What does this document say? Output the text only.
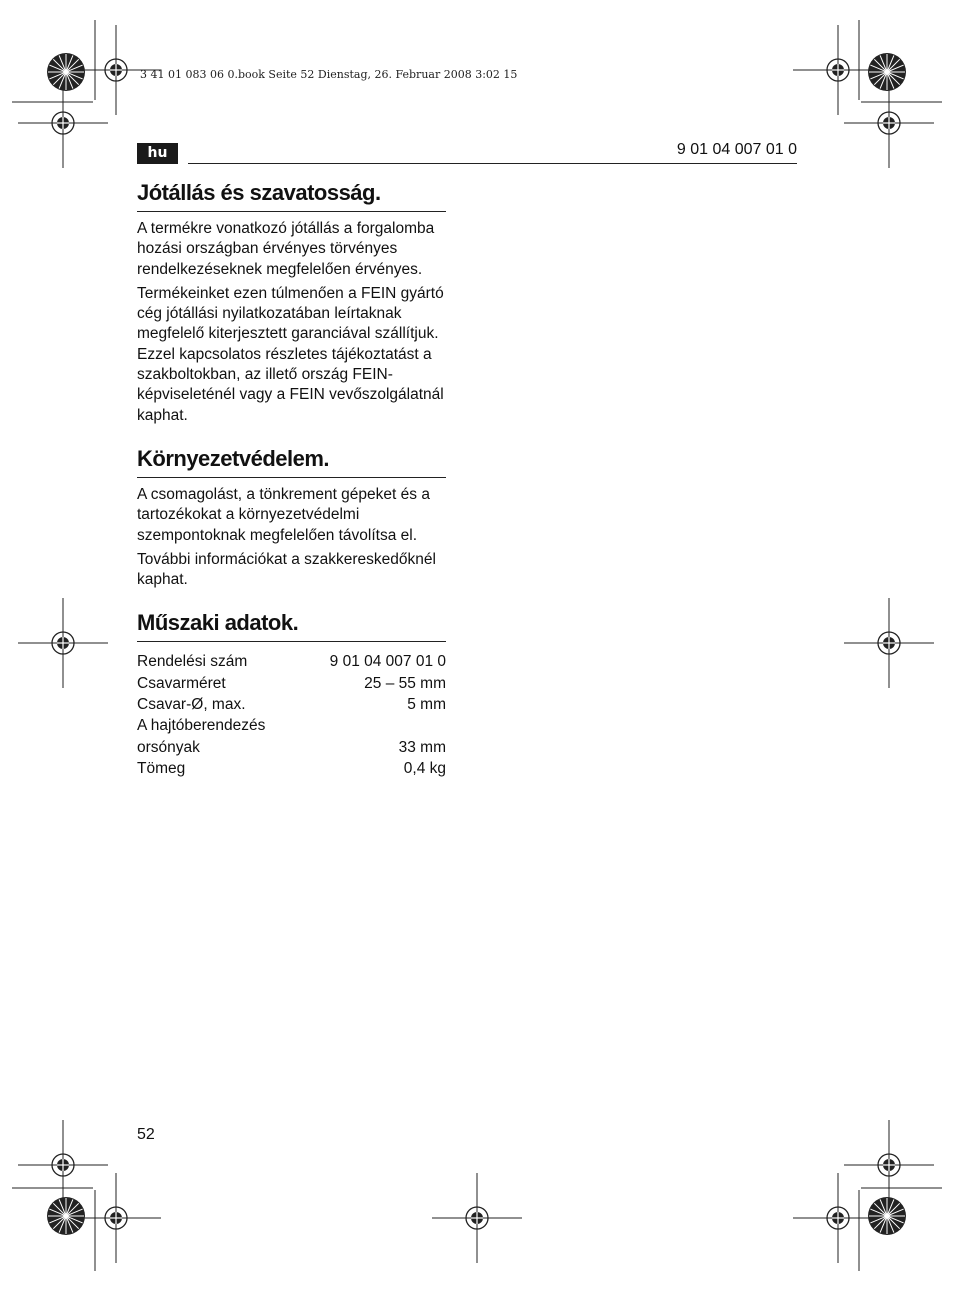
3 41 01 083 06 0.book Seite 52 Dienstag, 26. Februar 2008 3:02 15
hu	9 01 04 007 01 0
Jótállás és szavatosság.

A termékre vonatkozó jótállás a forgalomba hozási országban érvényes törvényes rendelkezéseknek megfelelően érvényes.

Termékeinket ezen túlmenően a FEIN gyártó cég jótállási nyilatkozatában leírtaknak megfelelő kiterjesztett garanciával szállítjuk. Ezzel kapcsolatos részletes tájékoztatást a szakboltokban, az illető ország FEIN-képviseleténél vagy a FEIN vevőszolgálatnál kaphat.

Környezetvédelem.

A csomagolást, a tönkrement gépeket és a tartozékokat a környezetvédelmi szempontoknak megfelelően távolítsa el.

További információkat a szakkereskedőknél kaphat.

Műszaki adatok.
Rendelési szám	9 01 04 007 01 0
Csavarméret	25 – 55 mm
Csavar-Ø, max.	5 mm
A hajtóberendezés	
orsónyak	33 mm
Tömeg	0,4 kg
52
